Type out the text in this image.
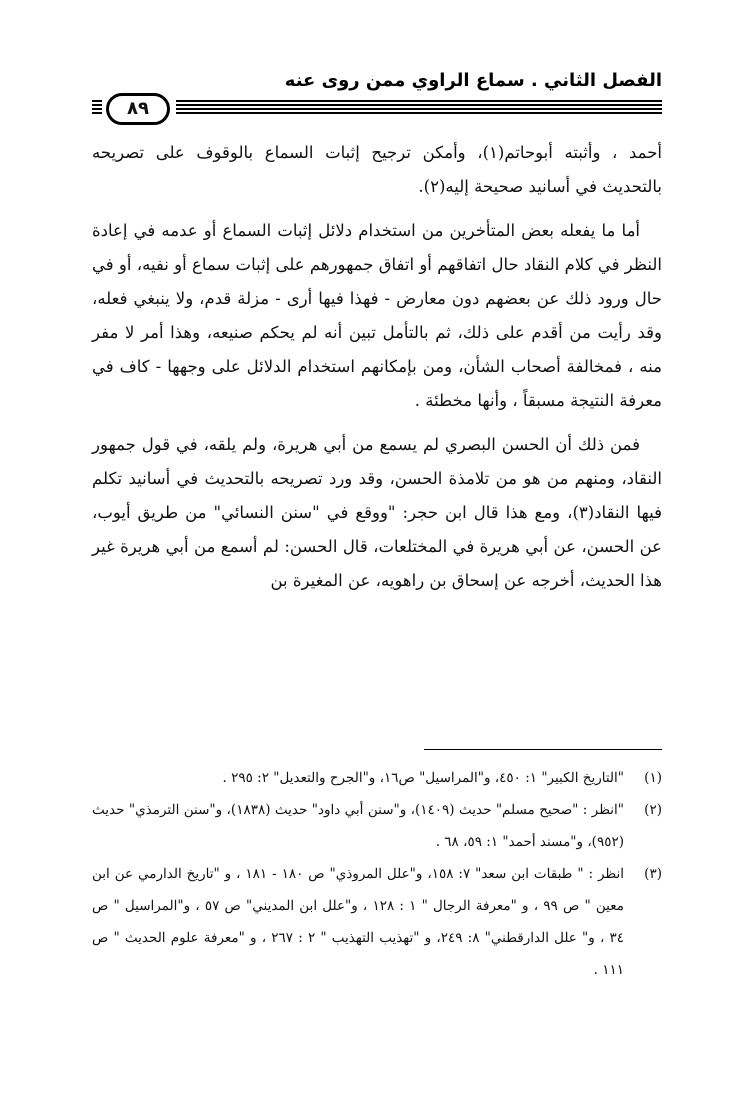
الفصل الثاني . سماع الراوي ممن روى عنه
٨٩

أحمد ، وأثبته أبوحاتم(١)، وأمكن ترجيح إثبات السماع بالوقوف على تصريحه بالتحديث في أسانيد صحيحة إليه(٢).

أما ما يفعله بعض المتأخرين من استخدام دلائل إثبات السماع أو عدمه في إعادة النظر في كلام النقاد حال اتفاقهم أو اتفاق جمهورهم على إثبات سماع أو نفيه، أو في حال ورود ذلك عن بعضهم دون معارض - فهذا فيها أرى - مزلة قدم، ولا ينبغي فعله، وقد رأيت من أقدم على ذلك، ثم بالتأمل تبين أنه لم يحكم صنيعه، وهذا أمر لا مفر منه ، فمخالفة أصحاب الشأن، ومن بإمكانهم استخدام الدلائل على وجهها - كاف في معرفة النتيجة مسبقاً ، وأنها مخطئة .

فمن ذلك أن الحسن البصري لم يسمع من أبي هريرة، ولم يلقه، في قول جمهور النقاد، ومنهم من هو من تلامذة الحسن، وقد ورد تصريحه بالتحديث في أسانيد تكلم فيها النقاد(٣)، ومع هذا قال ابن حجر: "ووقع في "سنن النسائي" من طريق أيوب، عن الحسن، عن أبي هريرة في المختلعات، قال الحسن: لم أسمع من أبي هريرة غير هذا الحديث، أخرجه عن إسحاق بن راهويه، عن المغيرة بن

(١)
"التاريخ الكبير" ١: ٤٥٠، و"المراسيل" ص١٦، و"الجرح والتعديل" ٢: ٢٩٥ .
(٢)
"انظر : "صحيح مسلم" حديث (١٤٠٩)، و"سنن أبي داود" حديث (١٨٣٨)، و"سنن الترمذي" حديث (٩٥٢)، و"مسند أحمد" ١: ٥٩، ٦٨ .
(٣)
انظر : " طبقات ابن سعد" ٧: ١٥٨، و"علل المروذي" ص ١٨٠ - ١٨١ ، و "تاريخ الدارمي عن ابن معين " ص ٩٩ ، و "معرفة الرجال " ١ : ١٢٨ ، و"علل ابن المديني" ص ٥٧ ، و"المراسيل " ص ٣٤ ، و" علل الدارقطني" ٨: ٢٤٩، و "تهذيب التهذيب " ٢ : ٢٦٧ ، و "معرفة علوم الحديث " ص ١١١ .
